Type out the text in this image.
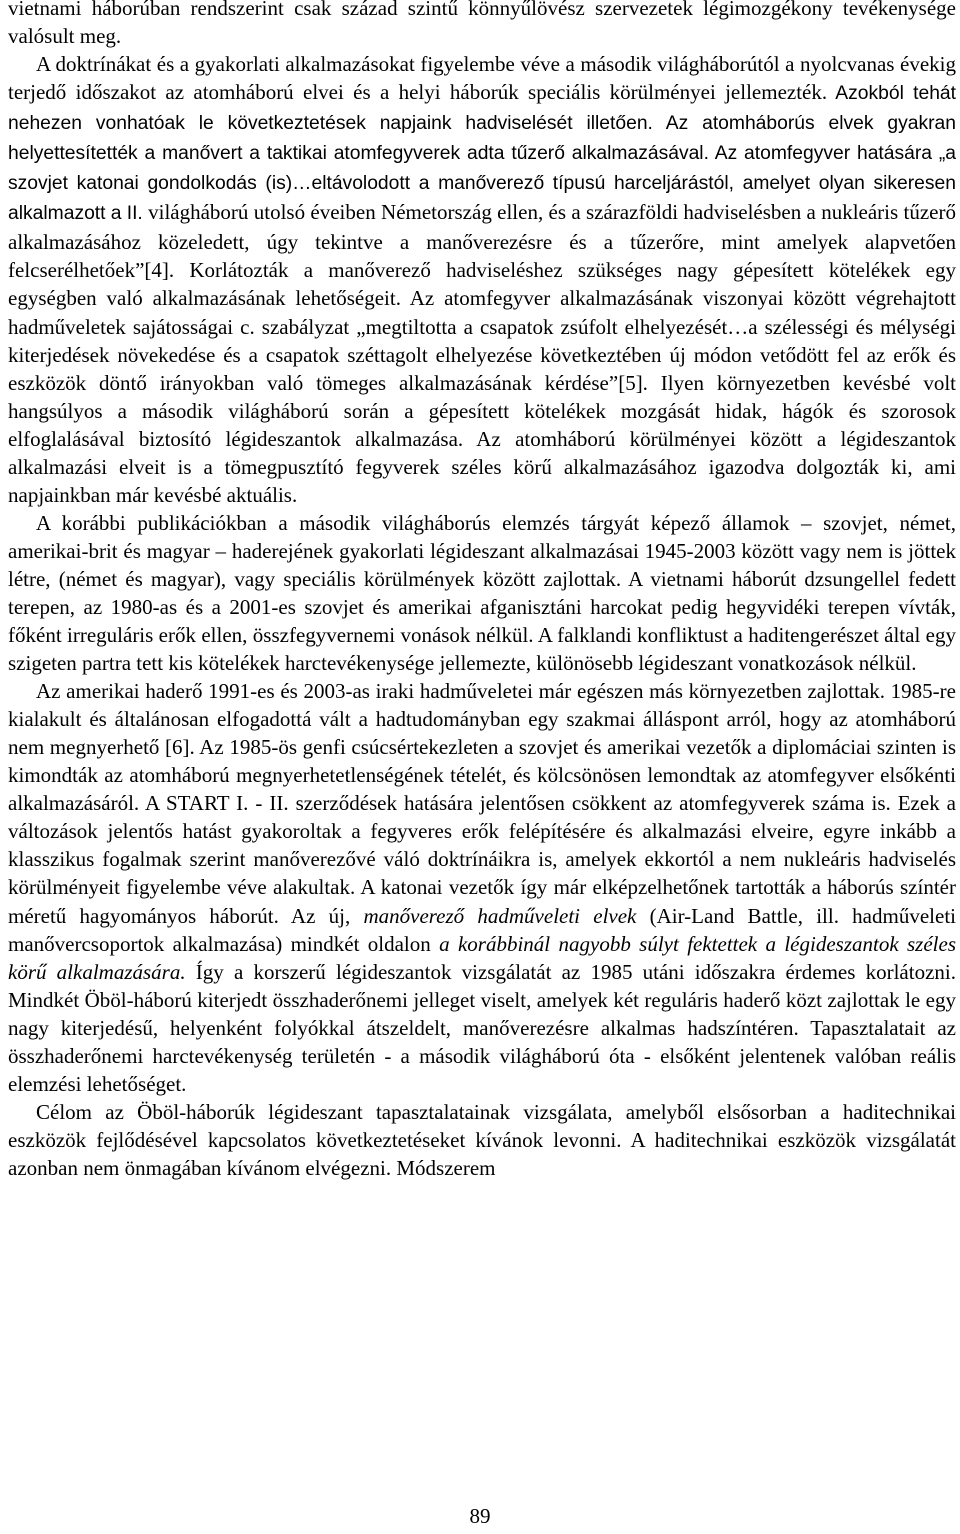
vietnami háborúban rendszerint csak század szintű könnyűlövész szervezetek légimozgékony tevékenysége valósult meg.

A doktrínákat és a gyakorlati alkalmazásokat figyelembe véve a második világháborútól a nyolcvanas évekig terjedő időszakot az atomháború elvei és a helyi háborúk speciális körülményei jellemezték. Azokból tehát nehezen vonhatóak le következtetések napjaink hadviselését illetően. Az atomháborús elvek gyakran helyettesítették a manővert a taktikai atomfegyverek adta tűzerő alkalmazásával. Az atomfegyver hatására „a szovjet katonai gondolkodás (is)…eltávolodott a manőverező típusú harceljárástól, amelyet olyan sikeresen alkalmazott a II. világháború utolsó éveiben Németország ellen, és a szárazföldi hadviselésben a nukleáris tűzerő alkalmazásához közeledett, úgy tekintve a manőverezésre és a tűzerőre, mint amelyek alapvetően felcserélhetőek”[4]. Korlátozták a manőverező hadviseléshez szükséges nagy gépesített kötelékek egy egységben való alkalmazásának lehetőségeit. Az atomfegyver alkalmazásának viszonyai között végrehajtott hadműveletek sajátosságai c. szabályzat „megtiltotta a csapatok zsúfolt elhelyezését…a szélességi és mélységi kiterjedések növekedése és a csapatok széttagolt elhelyezése következtében új módon vetődött fel az erők és eszközök döntő irányokban való tömeges alkalmazásának kérdése”[5]. Ilyen környezetben kevésbé volt hangsúlyos a második világháború során a gépesített kötelékek mozgását hidak, hágók és szorosok elfoglalásával biztosító légideszantok alkalmazása. Az atomháború körülményei között a légideszantok alkalmazási elveit is a tömegpusztító fegyverek széles körű alkalmazásához igazodva dolgozták ki, ami napjainkban már kevésbé aktuális.

A korábbi publikációkban a második világháborús elemzés tárgyát képező államok – szovjet, német, amerikai-brit és magyar – haderejének gyakorlati légideszant alkalmazásai 1945-2003 között vagy nem is jöttek létre, (német és magyar), vagy speciális körülmények között zajlottak. A vietnami háborút dzsungellel fedett terepen, az 1980-as és a 2001-es szovjet és amerikai afganisztáni harcokat pedig hegyvidéki terepen vívták, főként irreguláris erők ellen, összfegyvernemi vonások nélkül. A falklandi konfliktust a haditengerészet által egy szigeten partra tett kis kötelékek harctevékenysége jellemezte, különösebb légideszant vonatkozások nélkül.

Az amerikai haderő 1991-es és 2003-as iraki hadműveletei már egészen más környezetben zajlottak. 1985-re kialakult és általánosan elfogadottá vált a hadtudományban egy szakmai álláspont arról, hogy az atomháború nem megnyerhető [6]. Az 1985-ös genfi csúcsértekezleten a szovjet és amerikai vezetők a diplomáciai szinten is kimondták az atomháború megnyerhetetlenségének tételét, és kölcsönösen lemondtak az atomfegyver elsőkénti alkalmazásáról. A START I. - II. szerződések hatására jelentősen csökkent az atomfegyverek száma is. Ezek a változások jelentős hatást gyakoroltak a fegyveres erők felépítésére és alkalmazási elveire, egyre inkább a klasszikus fogalmak szerint manőverezővé váló doktrínáikra is, amelyek ekkortól a nem nukleáris hadviselés körülményeit figyelembe véve alakultak. A katonai vezetők így már elképzelhetőnek tartották a háborús színtér méretű hagyományos háborút. Az új, manőverező hadműveleti elvek (Air-Land Battle, ill. hadműveleti manővercsoportok alkalmazása) mindkét oldalon a korábbinál nagyobb súlyt fektettek a légideszantok széles körű alkalmazására. Így a korszerű légideszantok vizsgálatát az 1985 utáni időszakra érdemes korlátozni. Mindkét Öböl-háború kiterjedt összhaderőnemi jelleget viselt, amelyek két reguláris haderő közt zajlottak le egy nagy kiterjedésű, helyenként folyókkal átszeldelt, manőverezésre alkalmas hadszíntéren. Tapasztalatait az összhaderőnemi harctevékenység területén - a második világháború óta - elsőként jelentenek valóban reális elemzési lehetőséget.

Célom az Öböl-háborúk légideszant tapasztalatainak vizsgálata, amelyből elsősorban a haditechnikai eszközök fejlődésével kapcsolatos következtetéseket kívánok levonni. A haditechnikai eszközök vizsgálatát azonban nem önmagában kívánom elvégezni. Módszerem

89
